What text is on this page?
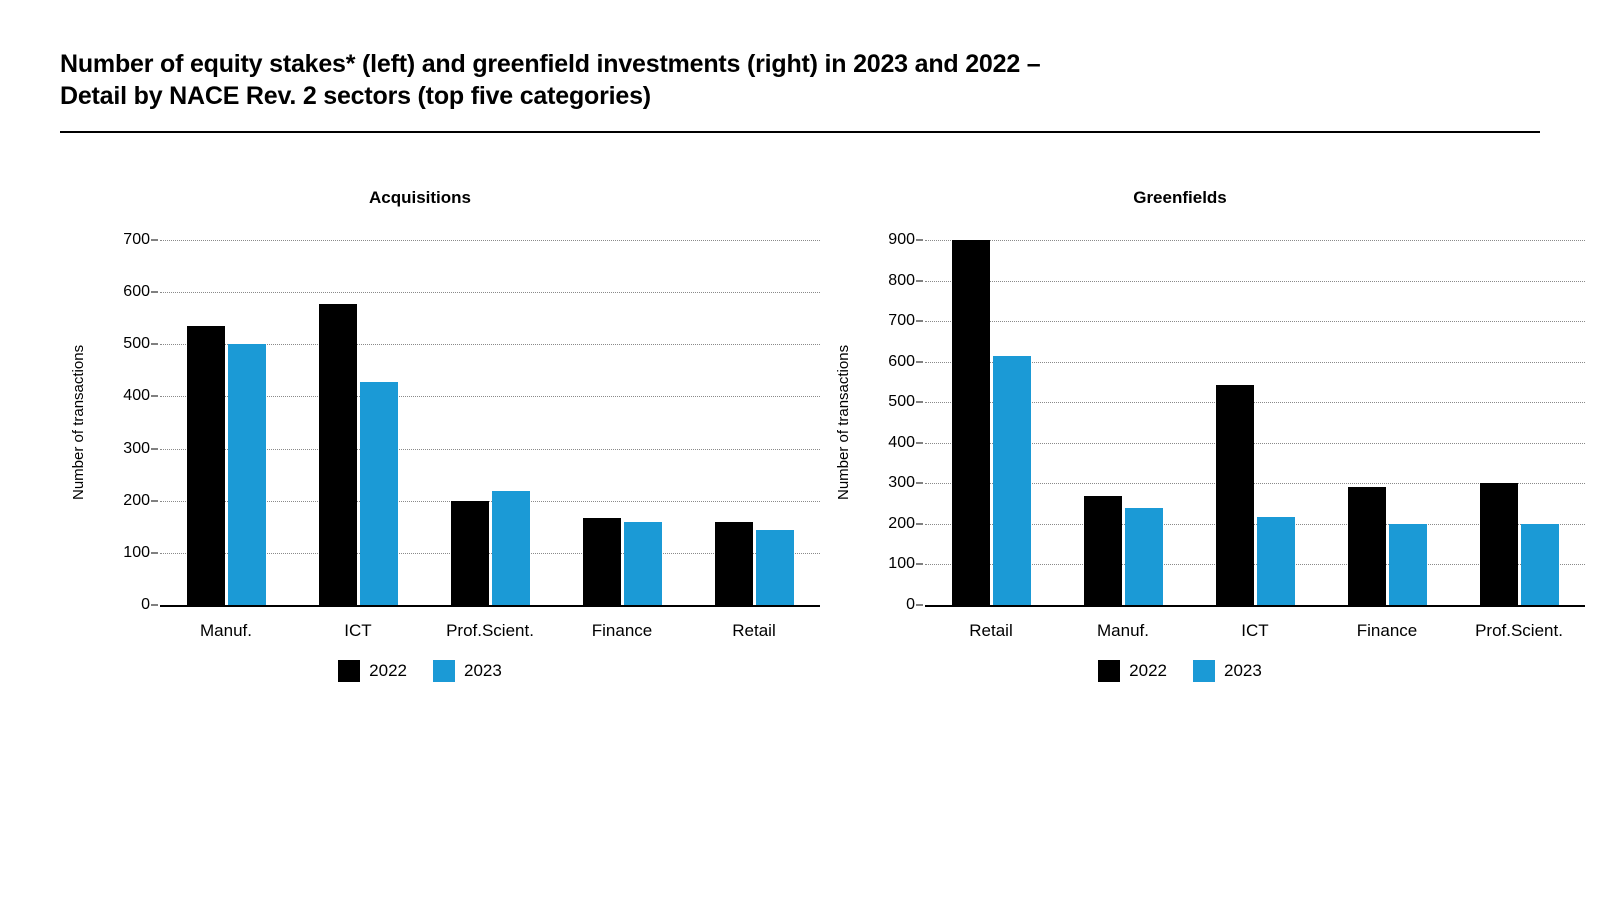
Number of equity stakes* (left) and greenfield investments (right) in 2023 and 2022 –
Detail by NACE Rev. 2 sectors (top five categories)
Acquisitions
Number of transactions
0
100
200
300
400
500
600
700
Manuf.	ICT	Prof.Scient.	Finance	Retail
2022	2023
Greenfields
Number of transactions
0
100
200
300
400
500
600
700
800
900
Retail	Manuf.	ICT	Finance	Prof.Scient.
2022	2023
